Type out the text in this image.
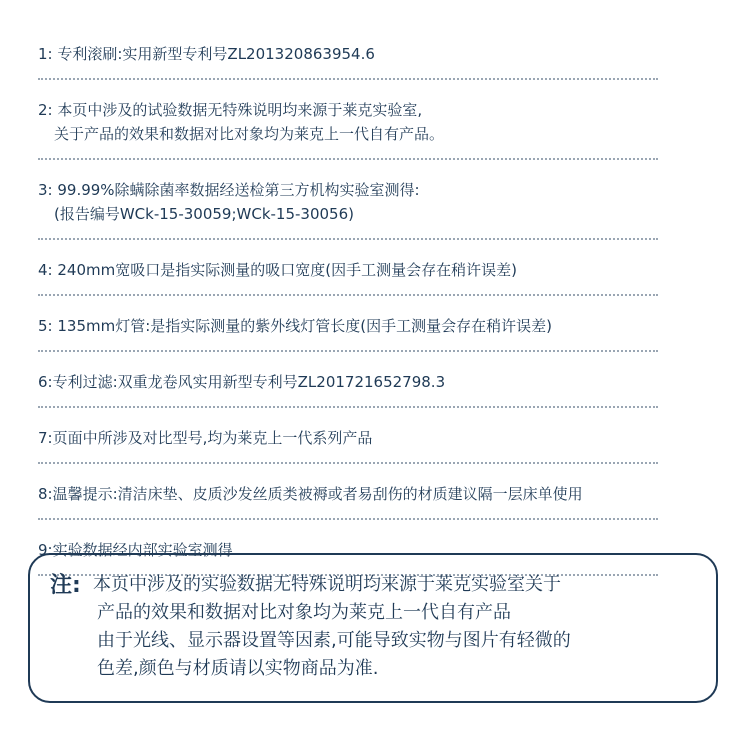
1: 专利滚刷:实用新型专利号ZL201320863954.6
2: 本页中涉及的试验数据无特殊说明均来源于莱克实验室,
关于产品的效果和数据对比对象均为莱克上一代自有产品。
3: 99.99%除螨除菌率数据经送检第三方机构实验室测得:
(报告编号WCk-15-30059;WCk-15-30056)
4: 240mm宽吸口是指实际测量的吸口宽度(因手工测量会存在稍许误差)
5: 135mm灯管:是指实际测量的紫外线灯管长度(因手工测量会存在稍许误差)
6:专利过滤:双重龙卷风实用新型专利号ZL201721652798.3
7:页面中所涉及对比型号,均为莱克上一代系列产品
8:温馨提示:清洁床垫、皮质沙发丝质类被褥或者易刮伤的材质建议隔一层床单使用
9:实验数据经内部实验室测得
注: 本页中涉及的实验数据无特殊说明均来源于莱克实验室关于
产品的效果和数据对比对象均为莱克上一代自有产品
由于光线、显示器设置等因素,可能导致实物与图片有轻微的
色差,颜色与材质请以实物商品为准.
